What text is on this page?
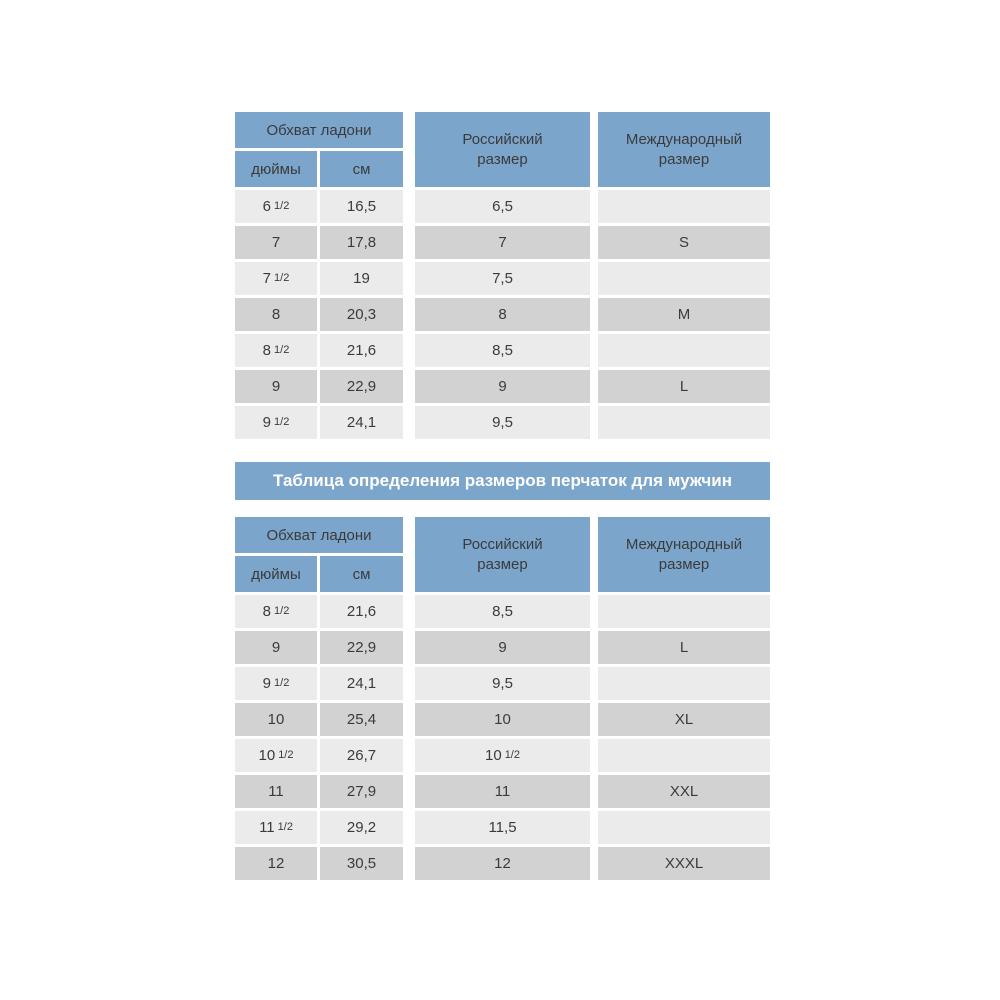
Обхват ладони
дюймы	см
Российский размер
Международный размер
6 1/2	16,5	6,5
7	17,8	7	S
7 1/2	19	7,5
8	20,3	8	M
8 1/2	21,6	8,5
9	22,9	9	L
9 1/2	24,1	9,5
Таблица определения размеров перчаток для мужчин
Обхват ладони
дюймы	см
Российский размер
Международный размер
8 1/2	21,6	8,5
9	22,9	9	L
9 1/2	24,1	9,5
10	25,4	10	XL
10 1/2	26,7	10 1/2
11	27,9	11	XXL
11 1/2	29,2	11,5
12	30,5	12	XXXL
